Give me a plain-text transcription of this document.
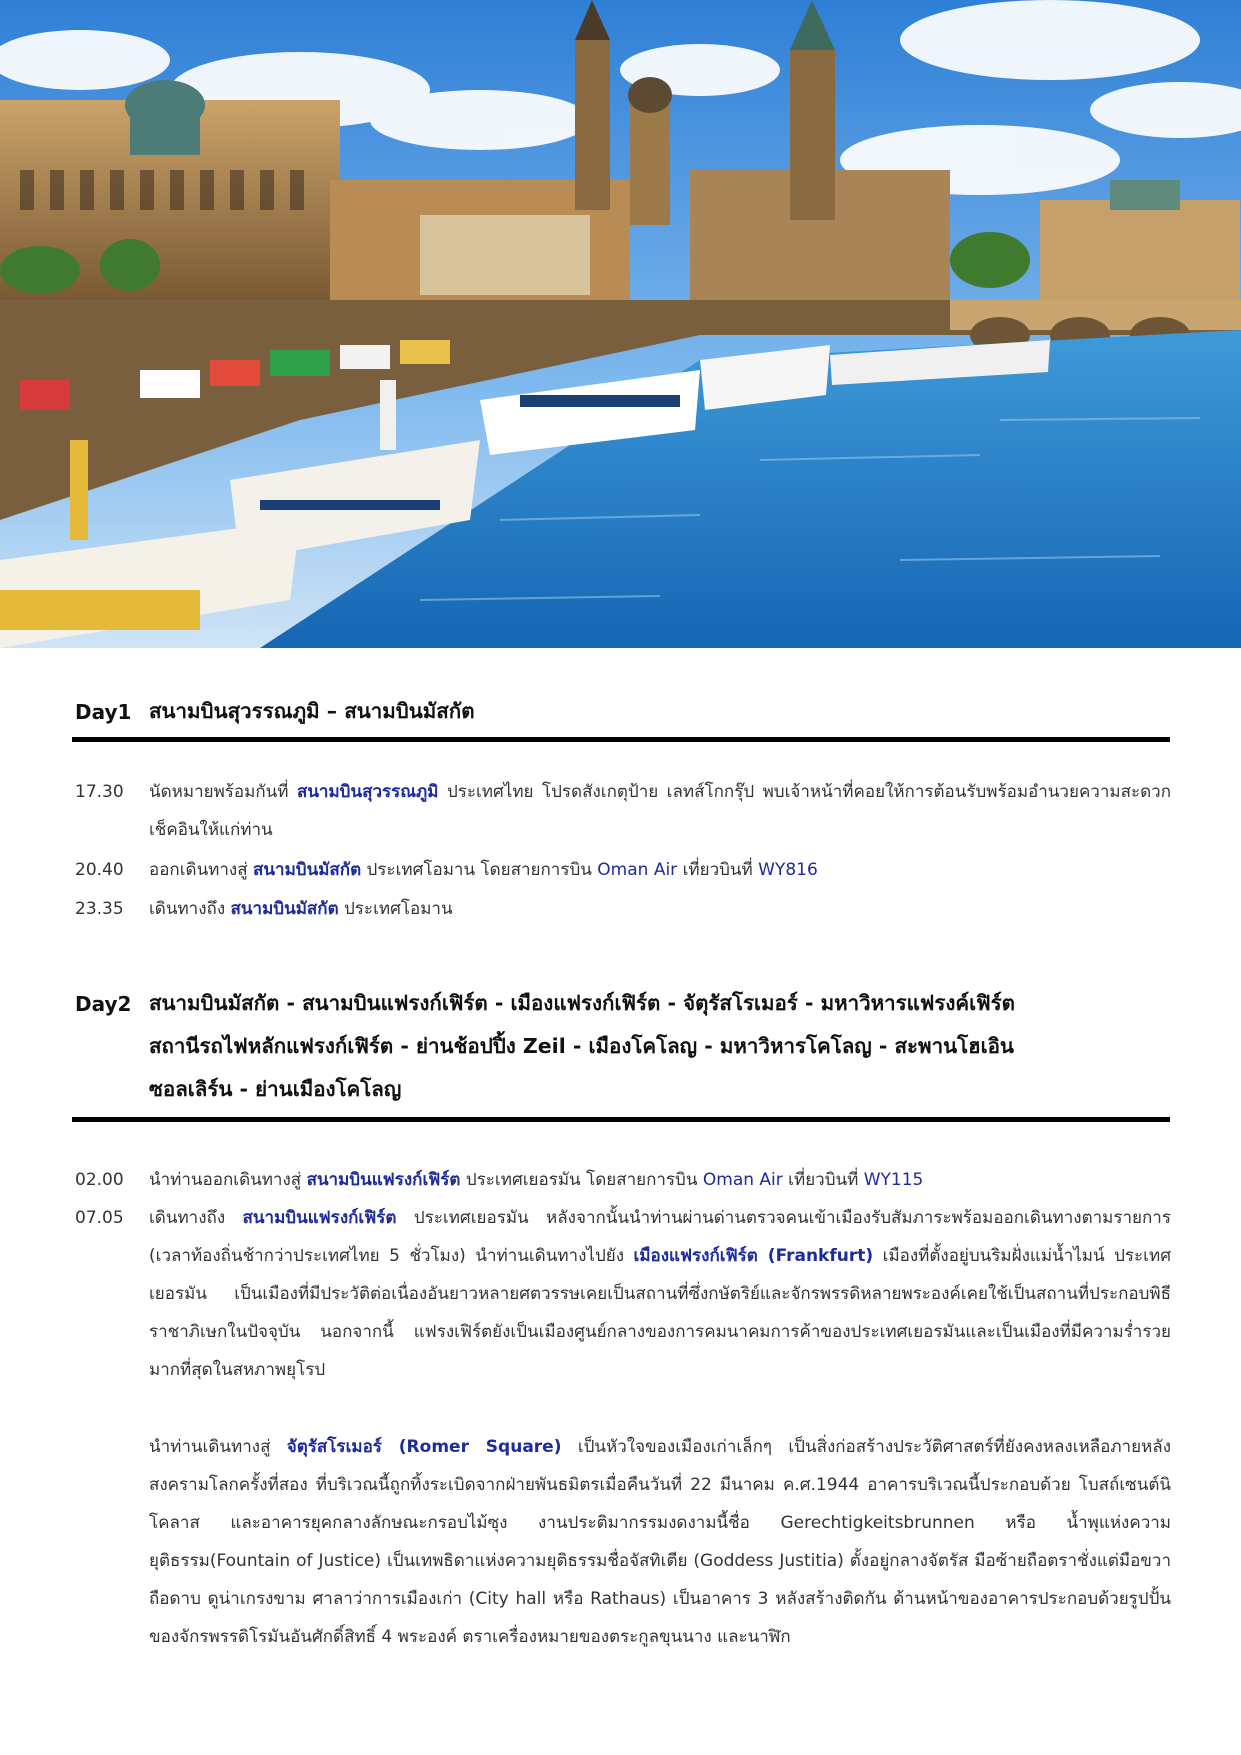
Day1 สนามบินสุวรรณภูมิ – สนามบินมัสกัต
17.30 นัดหมายพร้อมกันที่ สนามบินสุวรรณภูมิ ประเทศไทย โปรดสังเกตุป้าย เลทส์โกกรุ๊ป พบเจ้าหน้าที่คอยให้การต้อนรับพร้อมอำนวยความสะดวกเช็คอินให้แก่ท่าน
20.40 ออกเดินทางสู่ สนามบินมัสกัต ประเทศโอมาน โดยสายการบิน Oman Air เที่ยวบินที่ WY816
23.35 เดินทางถึง สนามบินมัสกัต ประเทศโอมาน
Day2 สนามบินมัสกัต - สนามบินแฟรงก์เฟิร์ต - เมืองแฟรงก์เฟิร์ต - จัตุรัสโรเมอร์ - มหาวิหารแฟรงค์เฟิร์ต
สถานีรถไฟหลักแฟรงก์เฟิร์ต - ย่านช้อปปิ้ง Zeil - เมืองโคโลญ - มหาวิหารโคโลญ - สะพานโฮเอิน
ซอลเลิร์น - ย่านเมืองโคโลญ
02.00 นำท่านออกเดินทางสู่ สนามบินแฟรงก์เฟิร์ต ประเทศเยอรมัน โดยสายการบิน Oman Air เที่ยวบินที่ WY115
07.05 เดินทางถึง สนามบินแฟรงก์เฟิร์ต ประเทศเยอรมัน หลังจากนั้นนำท่านผ่านด่านตรวจคนเข้าเมืองรับสัมภาระพร้อมออกเดินทางตามรายการ (เวลาท้องถิ่นช้ากว่าประเทศไทย 5 ชั่วโมง) นำท่านเดินทางไปยัง เมืองแฟรงก์เฟิร์ต (Frankfurt) เมืองที่ตั้งอยู่บนริมฝั่งแม่น้ำไมน์ ประเทศเยอรมัน เป็นเมืองที่มีประวัติต่อเนื่องอันยาวหลายศตวรรษเคยเป็นสถานที่ซึ่งกษัตริย์และจักรพรรดิหลายพระองค์เคยใช้เป็นสถานที่ประกอบพิธีราชาภิเษกในปัจจุบัน นอกจากนี้ แฟรงเฟิร์ตยังเป็นเมืองศูนย์กลางของการคมนาคมการค้าของประเทศเยอรมันและเป็นเมืองที่มีความร่ำรวยมากที่สุดในสหภาพยุโรป
นำท่านเดินทางสู่ จัตุรัสโรเมอร์ (Romer Square) เป็นหัวใจของเมืองเก่าเล็กๆ เป็นสิ่งก่อสร้างประวัติศาสตร์ที่ยังคงหลงเหลือภายหลังสงครามโลกครั้งที่สอง ที่บริเวณนี้ถูกทิ้งระเบิดจากฝ่ายพันธมิตรเมื่อคืนวันที่ 22 มีนาคม ค.ศ.1944 อาคารบริเวณนี้ประกอบด้วย โบสถ์เซนต์นิโคลาส และอาคารยุคกลางลักษณะกรอบไม้ซุง งานประติมากรรมงดงามนี้ชื่อ Gerechtigkeitsbrunnen หรือ น้ำพุแห่งความยุติธรรม(Fountain of Justice) เป็นเทพธิดาแห่งความยุติธรรมชื่อจัสทิเตีย (Goddess Justitia) ตั้งอยู่กลางจัตรัส มือซ้ายถือตราชั่งแต่มือขวาถือดาบ ดูน่าเกรงขาม ศาลาว่าการเมืองเก่า (City hall หรือ Rathaus) เป็นอาคาร 3 หลังสร้างติดกัน ด้านหน้าของอาคารประกอบด้วยรูปปั้นของจักรพรรดิโรมันอันศักดิ์สิทธิ์ 4 พระองค์ ตราเครื่องหมายของตระกูลขุนนาง และนาฬิก
